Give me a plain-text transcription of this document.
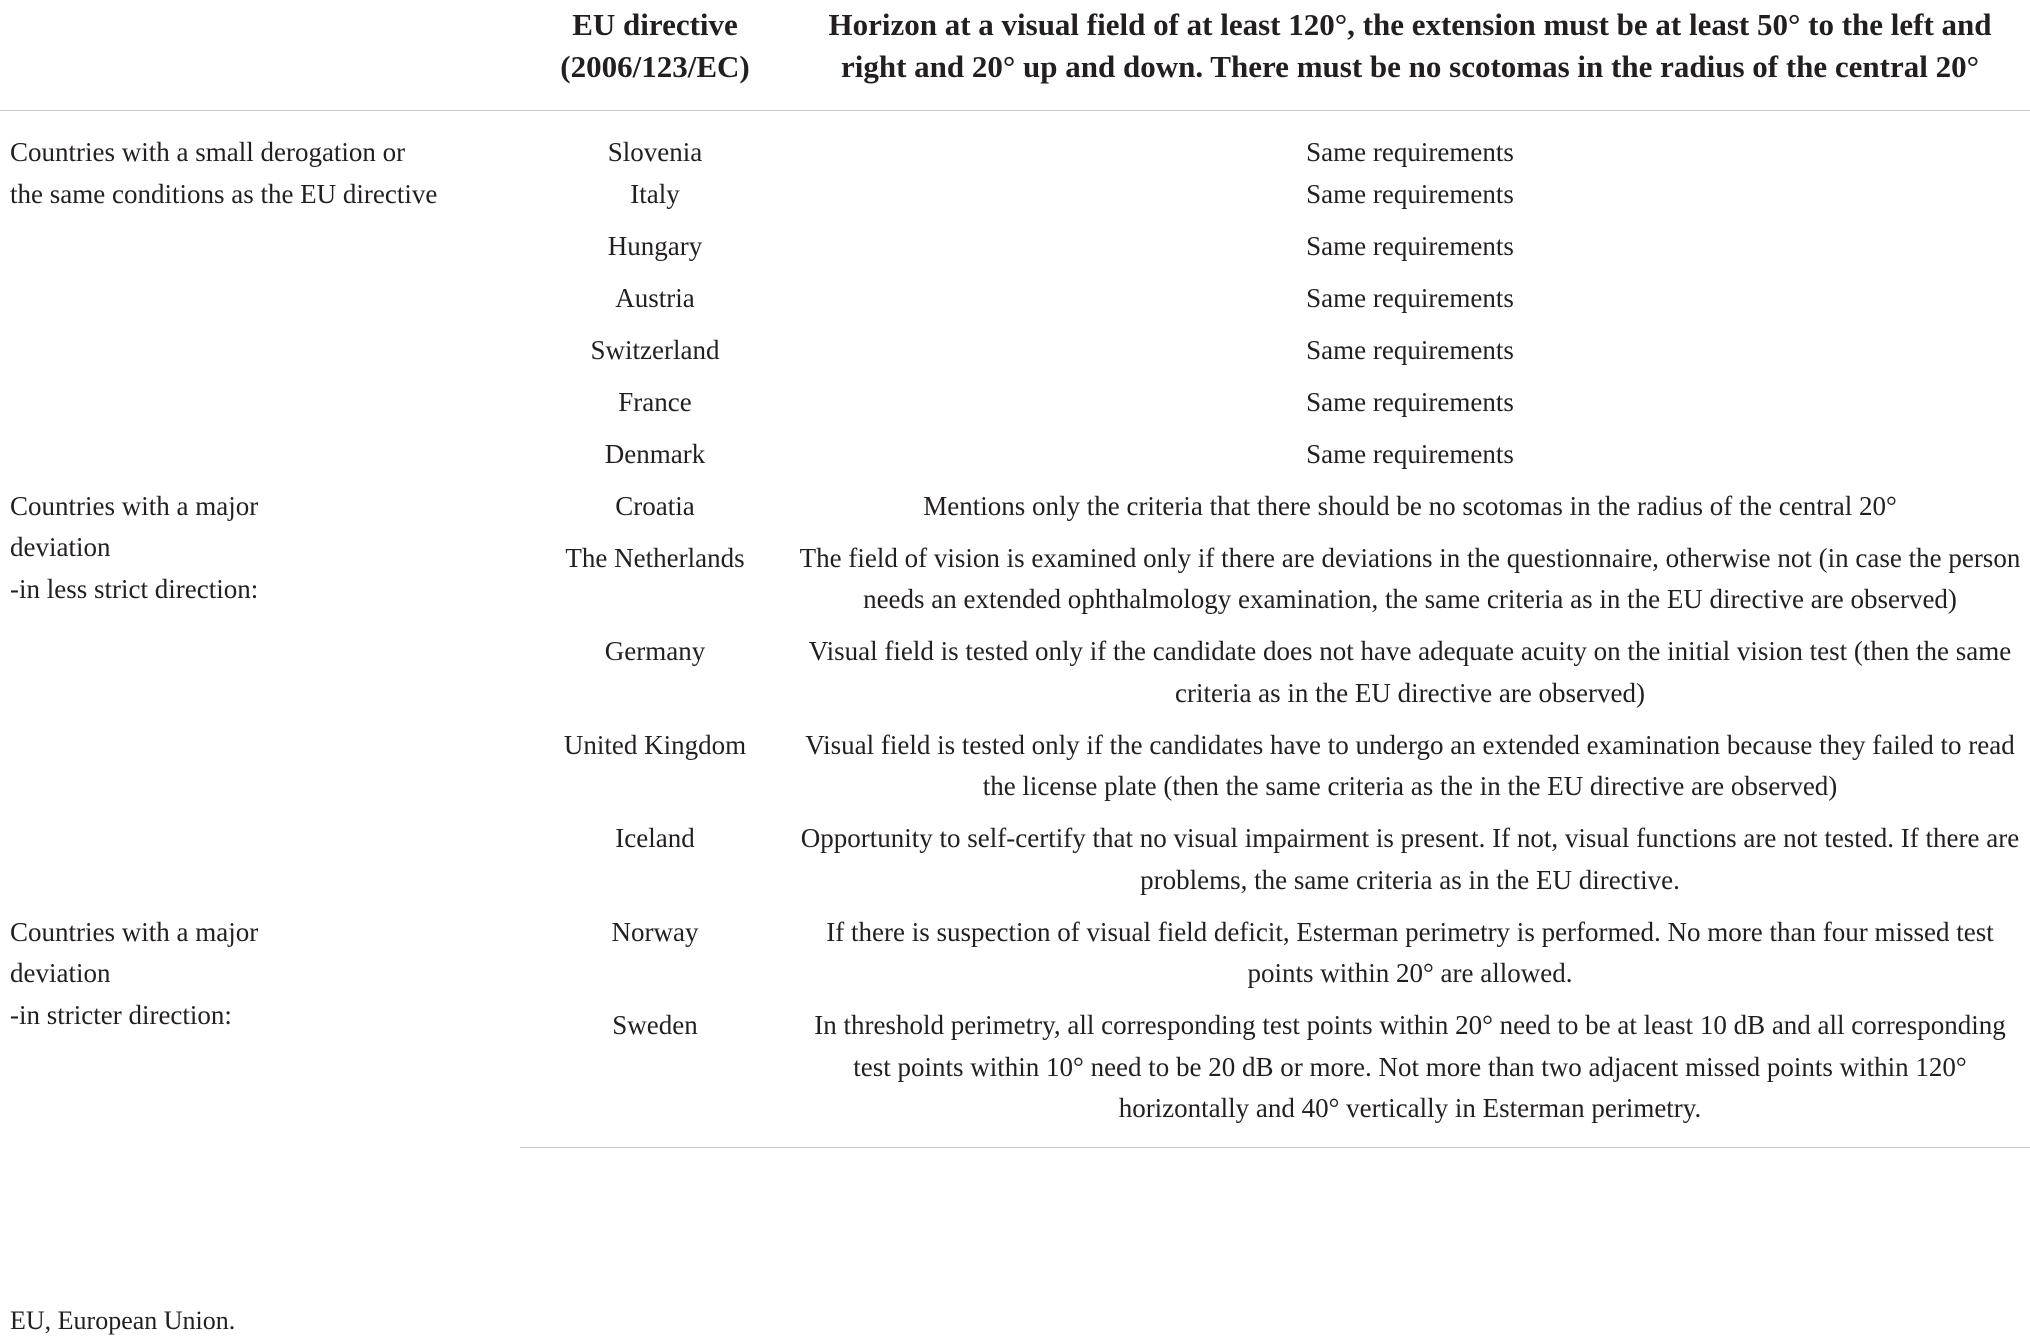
	EU directive (2006/123/EC)	Horizon at a visual field of at least 120°, the extension must be at least 50° to the left and right and 20° up and down. There must be no scotomas in the radius of the central 20°
Countries with a small derogation or the same conditions as the EU directive	Slovenia	Same requirements
	Italy	Same requirements
	Hungary	Same requirements
	Austria	Same requirements
	Switzerland	Same requirements
	France	Same requirements
	Denmark	Same requirements
Countries with a major deviation
-in less strict direction:	Croatia	Mentions only the criteria that there should be no scotomas in the radius of the central 20°
	The Netherlands	The field of vision is examined only if there are deviations in the questionnaire, otherwise not (in case the person needs an extended ophthalmology examination, the same criteria as in the EU directive are observed)
	Germany	Visual field is tested only if the candidate does not have adequate acuity on the initial vision test (then the same criteria as in the EU directive are observed)
	United Kingdom	Visual field is tested only if the candidates have to undergo an extended examination because they failed to read the license plate (then the same criteria as the in the EU directive are observed)
	Iceland	Opportunity to self-certify that no visual impairment is present. If not, visual functions are not tested. If there are problems, the same criteria as in the EU directive.
Countries with a major deviation
-in stricter direction:	Norway	If there is suspection of visual field deficit, Esterman perimetry is performed. No more than four missed test points within 20° are allowed.
	Sweden	In threshold perimetry, all corresponding test points within 20° need to be at least 10 dB and all corresponding test points within 10° need to be 20 dB or more. Not more than two adjacent missed points within 120° horizontally and 40° vertically in Esterman perimetry.
EU, European Union.
